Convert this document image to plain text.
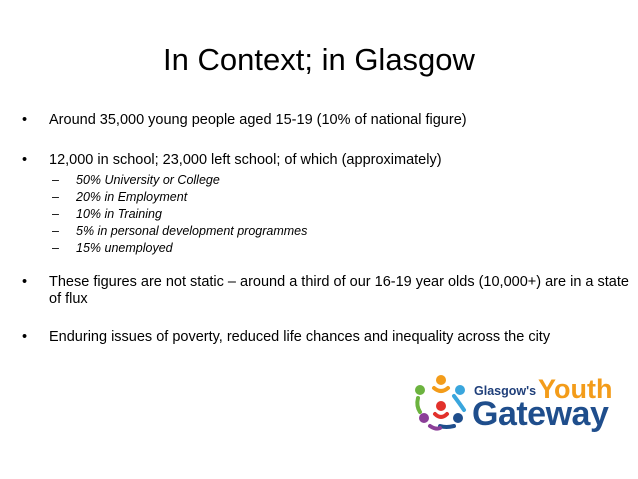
In Context; in Glasgow
• Around 35,000 young people aged 15-19 (10% of national figure)
• 12,000 in school; 23,000 left school; of which (approximately)
– 50% University or College
– 20% in Employment
– 10% in Training
– 5% in personal development programmes
– 15% unemployed
• These figures are not static – around a third of our 16-19 year olds (10,000+) are in a state of flux
• Enduring issues of poverty, reduced life chances and inequality across the city
Glasgow's Youth
Gateway
